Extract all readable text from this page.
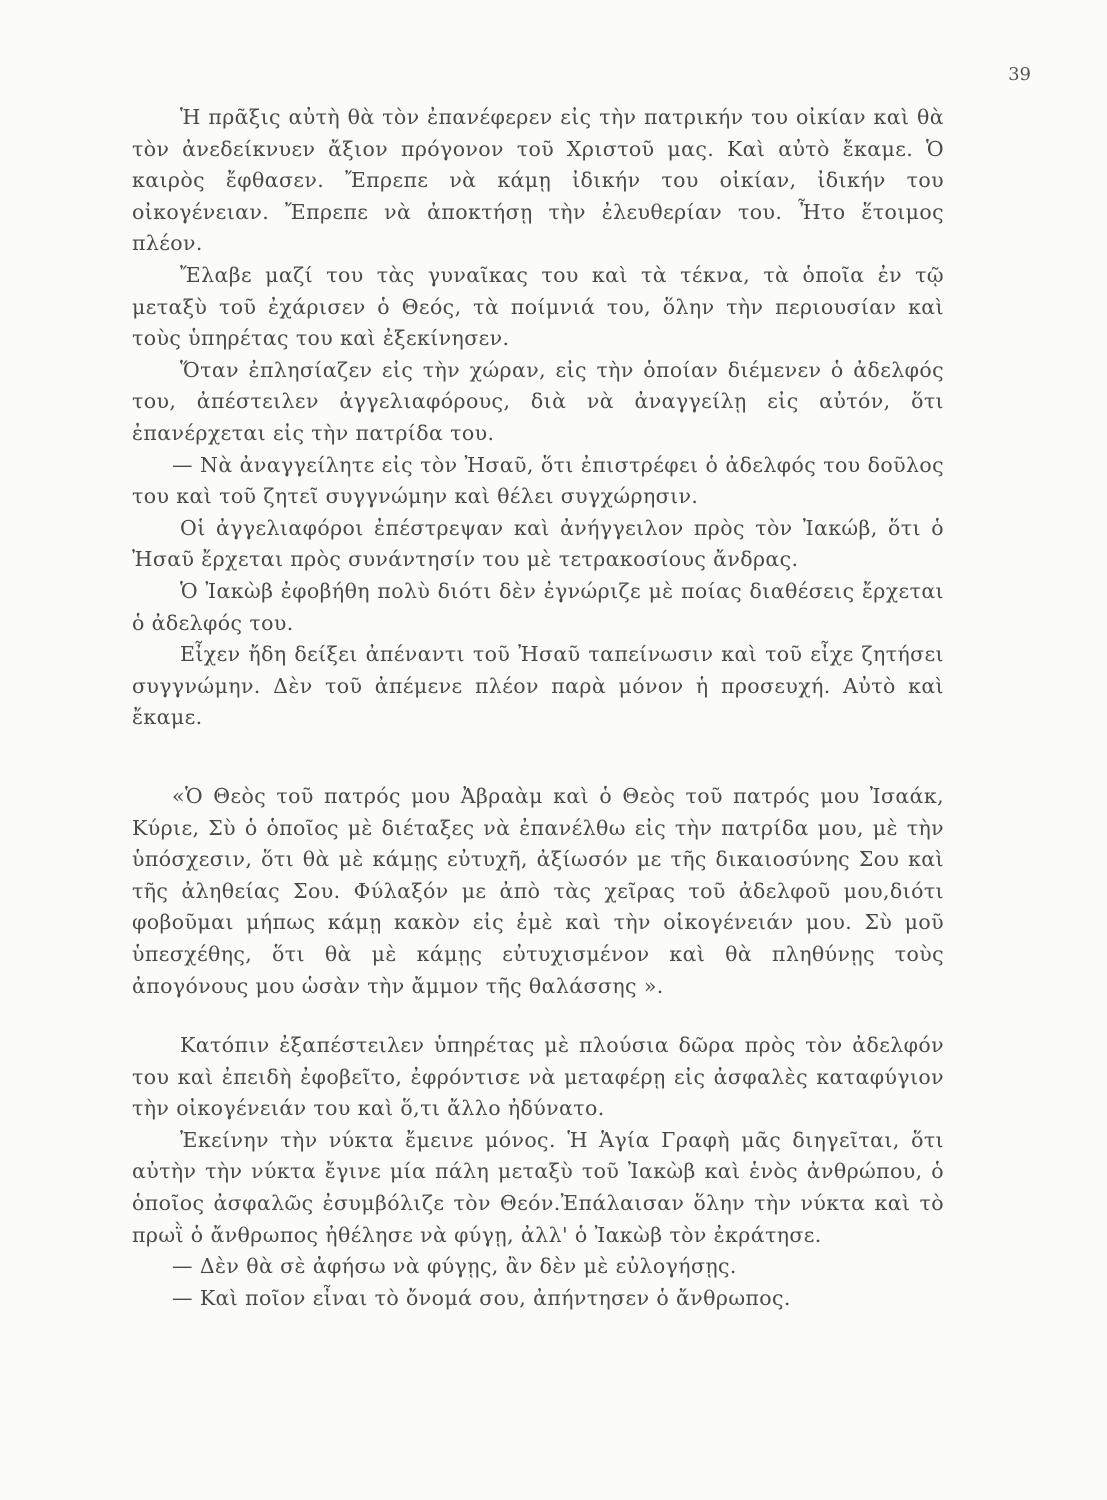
39

Ἡ πρᾶξις αὐτὴ θὰ τὸν ἐπανέφερεν εἰς τὴν πατρικήν του οἰκίαν καὶ θὰ τὸν ἀνεδείκνυεν ἄξιον πρόγονον τοῦ Χριστοῦ μας. Καὶ αὐτὸ ἔκαμε. Ὁ καιρὸς ἔφθασεν. Ἔπρεπε νὰ κάμῃ ἰδικήν του οἰκίαν, ἰδικήν του οἰκογένειαν. Ἔπρεπε νὰ ἀποκτήσῃ τὴν ἐλευθερίαν του. Ἦτο ἕτοιμος πλέον.

Ἔλαβε μαζί του τὰς γυναῖκας του καὶ τὰ τέκνα, τὰ ὁποῖα ἐν τῷ μεταξὺ τοῦ ἐχάρισεν ὁ Θεός, τὰ ποίμνιά του, ὅλην τὴν περιουσίαν καὶ τοὺς ὑπηρέτας του καὶ ἐξεκίνησεν.

Ὅταν ἐπλησίαζεν εἰς τὴν χώραν, εἰς τὴν ὁποίαν διέμενεν ὁ ἀδελφός του, ἀπέστειλεν ἀγγελιαφόρους, διὰ νὰ ἀναγγείλῃ εἰς αὐτόν, ὅτι ἐπανέρχεται εἰς τὴν πατρίδα του.

— Νὰ ἀναγγείλητε εἰς τὸν Ἠσαῦ, ὅτι ἐπιστρέφει ὁ ἀδελφός του δοῦλος του καὶ τοῦ ζητεῖ συγγνώμην καὶ θέλει συγχώρησιν.

Οἱ ἀγγελιαφόροι ἐπέστρεψαν καὶ ἀνήγγειλον πρὸς τὸν Ἰακώβ, ὅτι ὁ Ἠσαῦ ἔρχεται πρὸς συνάντησίν του μὲ τετρακοσίους ἄνδρας.

Ὁ Ἰακὼβ ἐφοβήθη πολὺ διότι δὲν ἐγνώριζε μὲ ποίας διαθέσεις ἔρχεται ὁ ἀδελφός του.

Εἶχεν ἤδη δείξει ἀπέναντι τοῦ Ἠσαῦ ταπείνωσιν καὶ τοῦ εἶχε ζητήσει συγγνώμην. Δὲν τοῦ ἀπέμενε πλέον παρὰ μόνον ἡ προσευχή. Αὐτὸ καὶ ἔκαμε.

«Ὁ Θεὸς τοῦ πατρός μου Ἀβραὰμ καὶ ὁ Θεὸς τοῦ πατρός μου Ἰσαάκ, Κύριε, Σὺ ὁ ὁποῖος μὲ διέταξες νὰ ἐπανέλθω εἰς τὴν πατρίδα μου, μὲ τὴν ὑπόσχεσιν, ὅτι θὰ μὲ κάμῃς εὐτυχῆ, ἀξίωσόν με τῆς δικαιοσύνης Σου καὶ τῆς ἀληθείας Σου. Φύλαξόν με ἀπὸ τὰς χεῖρας τοῦ ἀδελφοῦ μου,διότι φοβοῦμαι μήπως κάμῃ κακὸν εἰς ἐμὲ καὶ τὴν οἰκογένειάν μου. Σὺ μοῦ ὑπεσχέθης, ὅτι θὰ μὲ κάμῃς εὐτυχισμένον καὶ θὰ πληθύνῃς τοὺς ἀπογόνους μου ὡσὰν τὴν ἄμμον τῆς θαλάσσης ».

Κατόπιν ἐξαπέστειλεν ὑπηρέτας μὲ πλούσια δῶρα πρὸς τὸν ἀδελφόν του καὶ ἐπειδὴ ἐφοβεῖτο, ἐφρόντισε νὰ μεταφέρῃ εἰς ἀσφαλὲς καταφύγιον τὴν οἰκογένειάν του καὶ ὅ,τι ἄλλο ἠδύνατο.

Ἐκείνην τὴν νύκτα ἔμεινε μόνος. Ἡ Ἁγία Γραφὴ μᾶς διηγεῖται, ὅτι αὐτὴν τὴν νύκτα ἔγινε μία πάλη μεταξὺ τοῦ Ἰακὼβ καὶ ἑνὸς ἀνθρώπου, ὁ ὁποῖος ἀσφαλῶς ἐσυμβόλιζε τὸν Θεόν.Ἐπάλαισαν ὅλην τὴν νύκτα καὶ τὸ πρωῒ ὁ ἄνθρωπος ἠθέλησε νὰ φύγῃ, ἀλλ' ὁ Ἰακὼβ τὸν ἐκράτησε.

— Δὲν θὰ σὲ ἀφήσω νὰ φύγῃς, ἂν δὲν μὲ εὐλογήσῃς.

— Καὶ ποῖον εἶναι τὸ ὄνομά σου, ἀπήντησεν ὁ ἄνθρωπος.
